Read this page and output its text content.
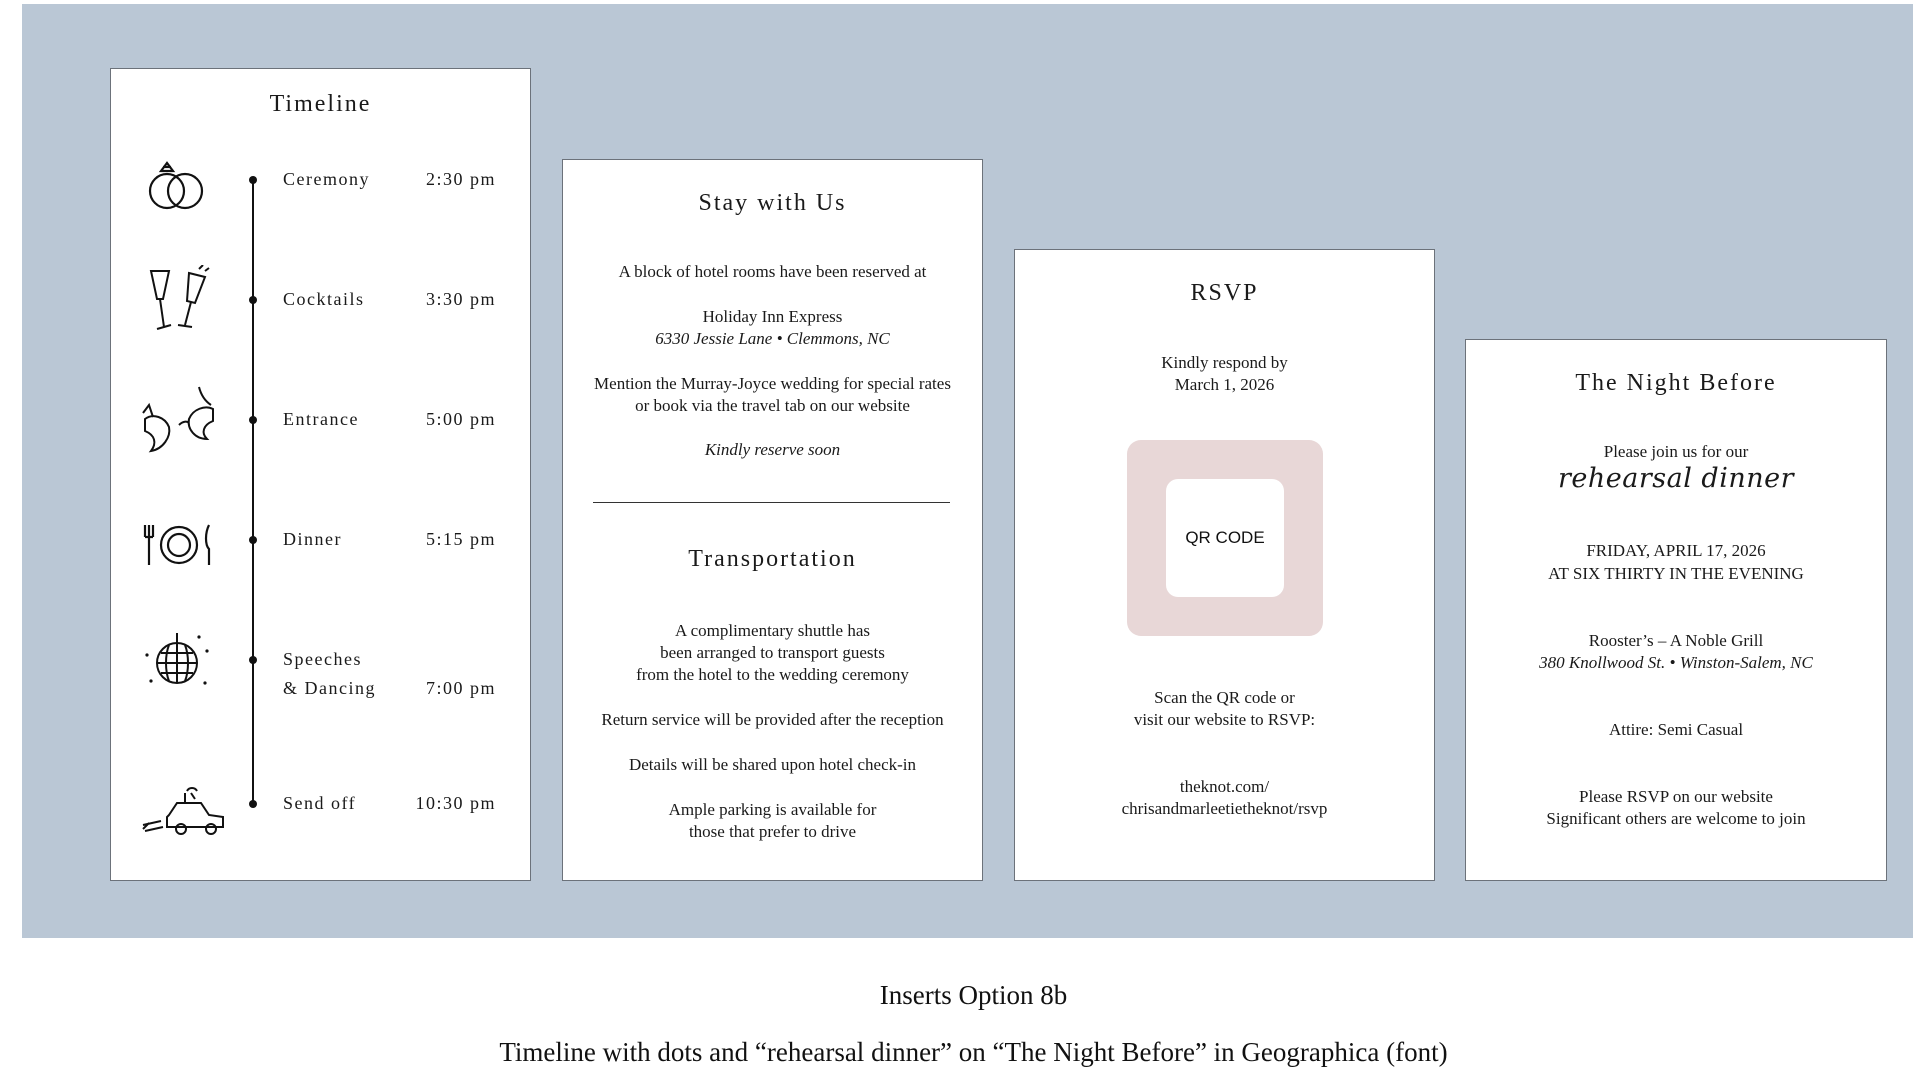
Timeline
Ceremony	2:30 pm
Cocktails	3:30 pm
Entrance	5:00 pm
Dinner	5:15 pm
Speeches
& Dancing	7:00 pm
Send off	10:30 pm
Stay with Us
A block of hotel rooms have been reserved at
Holiday Inn Express
6330 Jessie Lane • Clemmons, NC
Mention the Murray-Joyce wedding for special rates
or book via the travel tab on our website
Kindly reserve soon
Transportation
A complimentary shuttle has
been arranged to transport guests
from the hotel to the wedding ceremony
Return service will be provided after the reception
Details will be shared upon hotel check-in
Ample parking is available for
those that prefer to drive
RSVP
Kindly respond by
March 1, 2026
QR CODE
Scan the QR code or
visit our website to RSVP:
theknot.com/
chrisandmarleetietheknot/rsvp
The Night Before
Please join us for our
rehearsal dinner
FRIDAY, APRIL 17, 2026
AT SIX THIRTY IN THE EVENING
Rooster’s – A Noble Grill
380 Knollwood St. • Winston-Salem, NC
Attire: Semi Casual
Please RSVP on our website
Significant others are welcome to join
Inserts Option 8b
Timeline with dots and “rehearsal dinner” on “The Night Before” in Geographica (font)
